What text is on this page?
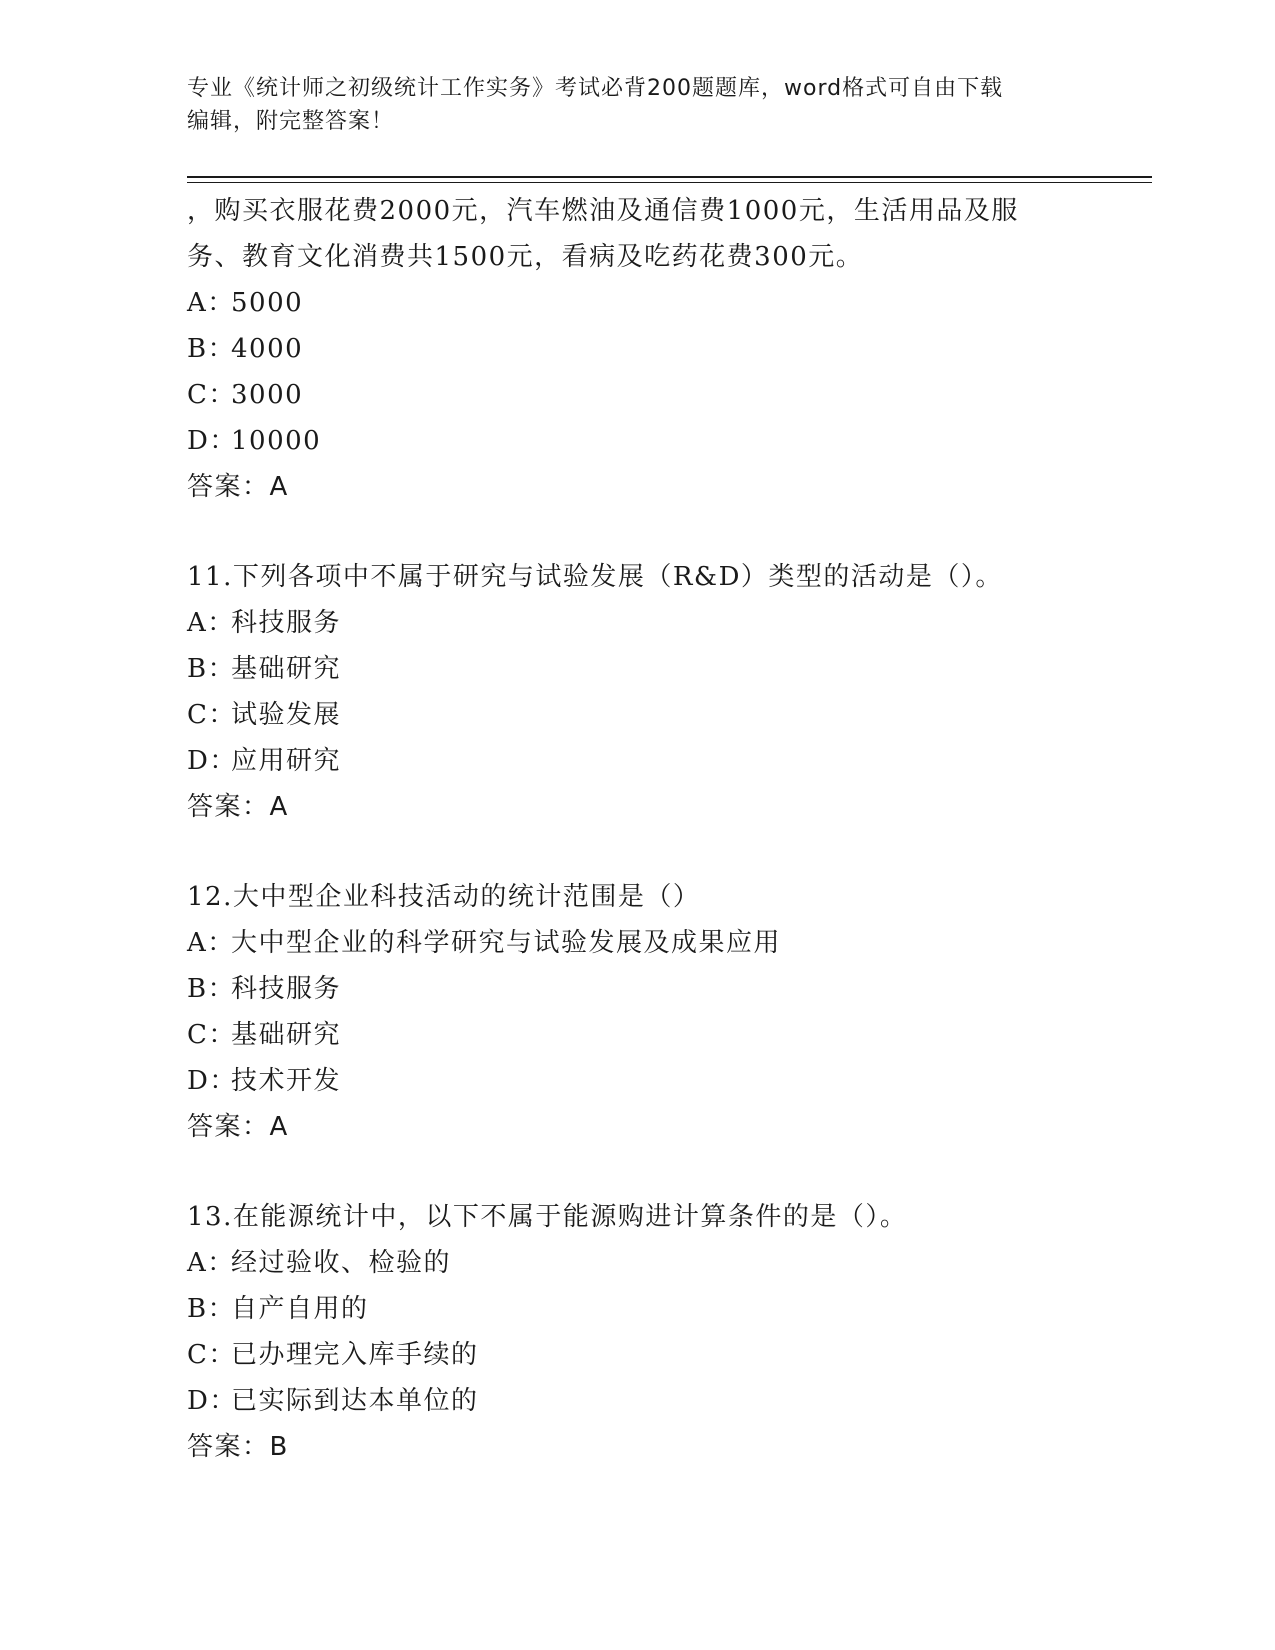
专业《统计师之初级统计工作实务》考试必背200题题库，word格式可自由下载
编辑，附完整答案！
，购买衣服花费2000元，汽车燃油及通信费1000元，生活用品及服
务、教育文化消费共1500元，看病及吃药花费300元。
A：5000
B：4000
C：3000
D：10000
答案：A
11.下列各项中不属于研究与试验发展（R&D）类型的活动是（）。
A：科技服务
B：基础研究
C：试验发展
D：应用研究
答案：A
12.大中型企业科技活动的统计范围是（）
A：大中型企业的科学研究与试验发展及成果应用
B：科技服务
C：基础研究
D：技术开发
答案：A
13.在能源统计中，以下不属于能源购进计算条件的是（）。
A：经过验收、检验的
B：自产自用的
C：已办理完入库手续的
D：已实际到达本单位的
答案：B
